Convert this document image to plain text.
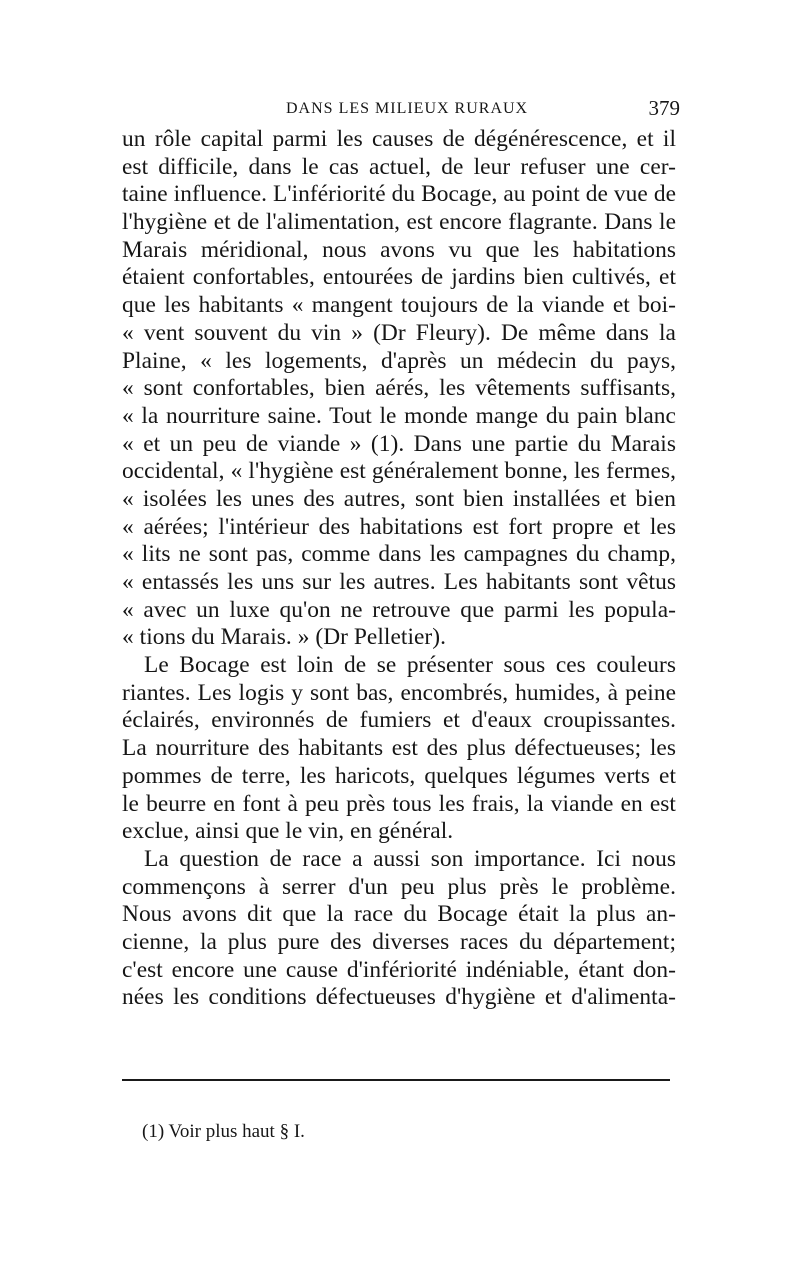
DANS LES MILIEUX RURAUX	379
un rôle capital parmi les causes de dégénérescence, et il
est difficile, dans le cas actuel, de leur refuser une cer-
taine influence. L'infériorité du Bocage, au point de vue de
l'hygiène et de l'alimentation, est encore flagrante. Dans le
Marais méridional, nous avons vu que les habitations
étaient confortables, entourées de jardins bien cultivés, et
que les habitants « mangent toujours de la viande et boi-
« vent souvent du vin » (Dr Fleury). De même dans la
Plaine, « les logements, d'après un médecin du pays,
« sont confortables, bien aérés, les vêtements suffisants,
« la nourriture saine. Tout le monde mange du pain blanc
« et un peu de viande » (1). Dans une partie du Marais
occidental, « l'hygiène est généralement bonne, les fermes,
« isolées les unes des autres, sont bien installées et bien
« aérées; l'intérieur des habitations est fort propre et les
« lits ne sont pas, comme dans les campagnes du champ,
« entassés les uns sur les autres. Les habitants sont vêtus
« avec un luxe qu'on ne retrouve que parmi les popula-
« tions du Marais. » (Dr Pelletier).
Le Bocage est loin de se présenter sous ces couleurs
riantes. Les logis y sont bas, encombrés, humides, à peine
éclairés, environnés de fumiers et d'eaux croupissantes.
La nourriture des habitants est des plus défectueuses; les
pommes de terre, les haricots, quelques légumes verts et
le beurre en font à peu près tous les frais, la viande en est
exclue, ainsi que le vin, en général.
La question de race a aussi son importance. Ici nous
commençons à serrer d'un peu plus près le problème.
Nous avons dit que la race du Bocage était la plus an-
cienne, la plus pure des diverses races du département;
c'est encore une cause d'infériorité indéniable, étant don-
nées les conditions défectueuses d'hygiène et d'alimenta-
(1) Voir plus haut § I.
